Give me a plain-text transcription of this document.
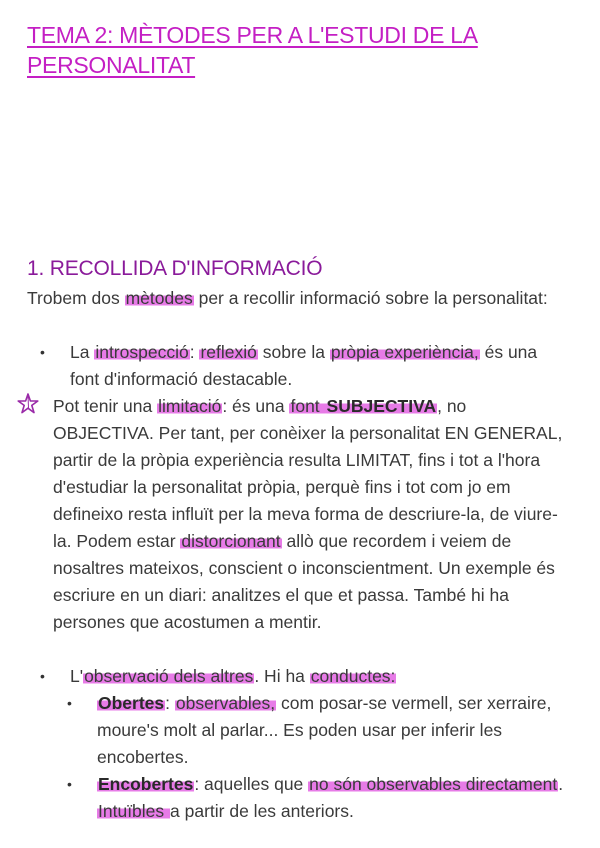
TEMA 2: MÈTODES PER A L'ESTUDI DE LA PERSONALITAT
1. RECOLLIDA D'INFORMACIÓ

Trobem dos mètodes per a recollir informació sobre la personalitat:

• La introspecció: reflexió sobre la pròpia experiència, és una font d'informació destacable.

Pot tenir una limitació: és una font SUBJECTIVA, no OBJECTIVA. Per tant, per conèixer la personalitat EN GENERAL, partir de la pròpia experiència resulta LIMITAT, fins i tot a l'hora d'estudiar la personalitat pròpia, perquè fins i tot com jo em defineixo resta influït per la meva forma de descriure-la, de viure-la. Podem estar distorcionant allò que recordem i veiem de nosaltres mateixos, conscient o inconscientment. Un exemple és escriure en un diari: analitzes el que et passa. També hi ha persones que acostumen a mentir.

• L'observació dels altres. Hi ha conductes:

• Obertes: observables, com posar-se vermell, ser xerraire, moure's molt al parlar... Es poden usar per inferir les encobertes.

• Encobertes: aquelles que no són observables directament. Intuïbles a partir de les anteriors.
